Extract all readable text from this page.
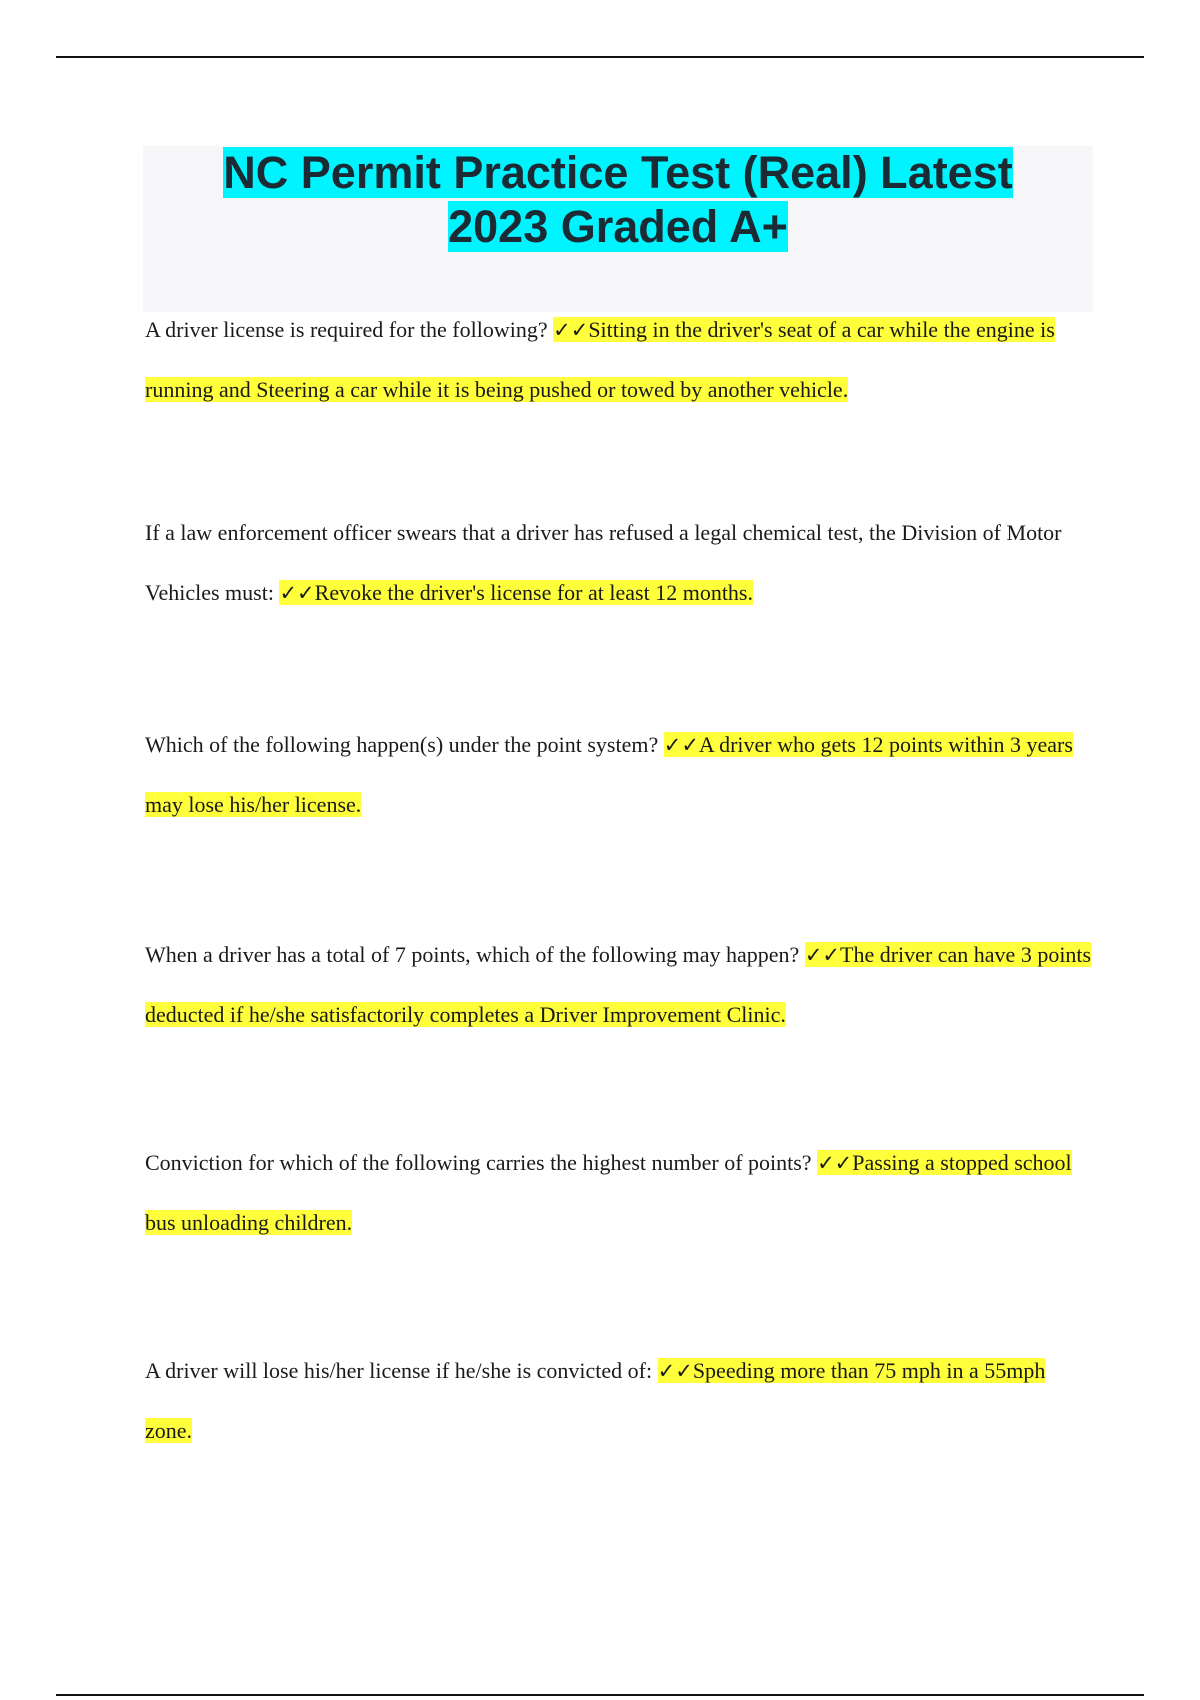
NC Permit Practice Test (Real) Latest
2023 Graded A+

A driver license is required for the following? ✓✓Sitting in the driver's seat of a car while the engine is running and Steering a car while it is being pushed or towed by another vehicle.

If a law enforcement officer swears that a driver has refused a legal chemical test, the Division of Motor Vehicles must: ✓✓Revoke the driver's license for at least 12 months.

Which of the following happen(s) under the point system? ✓✓A driver who gets 12 points within 3 years may lose his/her license.

When a driver has a total of 7 points, which of the following may happen? ✓✓The driver can have 3 points deducted if he/she satisfactorily completes a Driver Improvement Clinic.

Conviction for which of the following carries the highest number of points? ✓✓Passing a stopped school bus unloading children.

A driver will lose his/her license if he/she is convicted of: ✓✓Speeding more than 75 mph in a 55mph zone.
